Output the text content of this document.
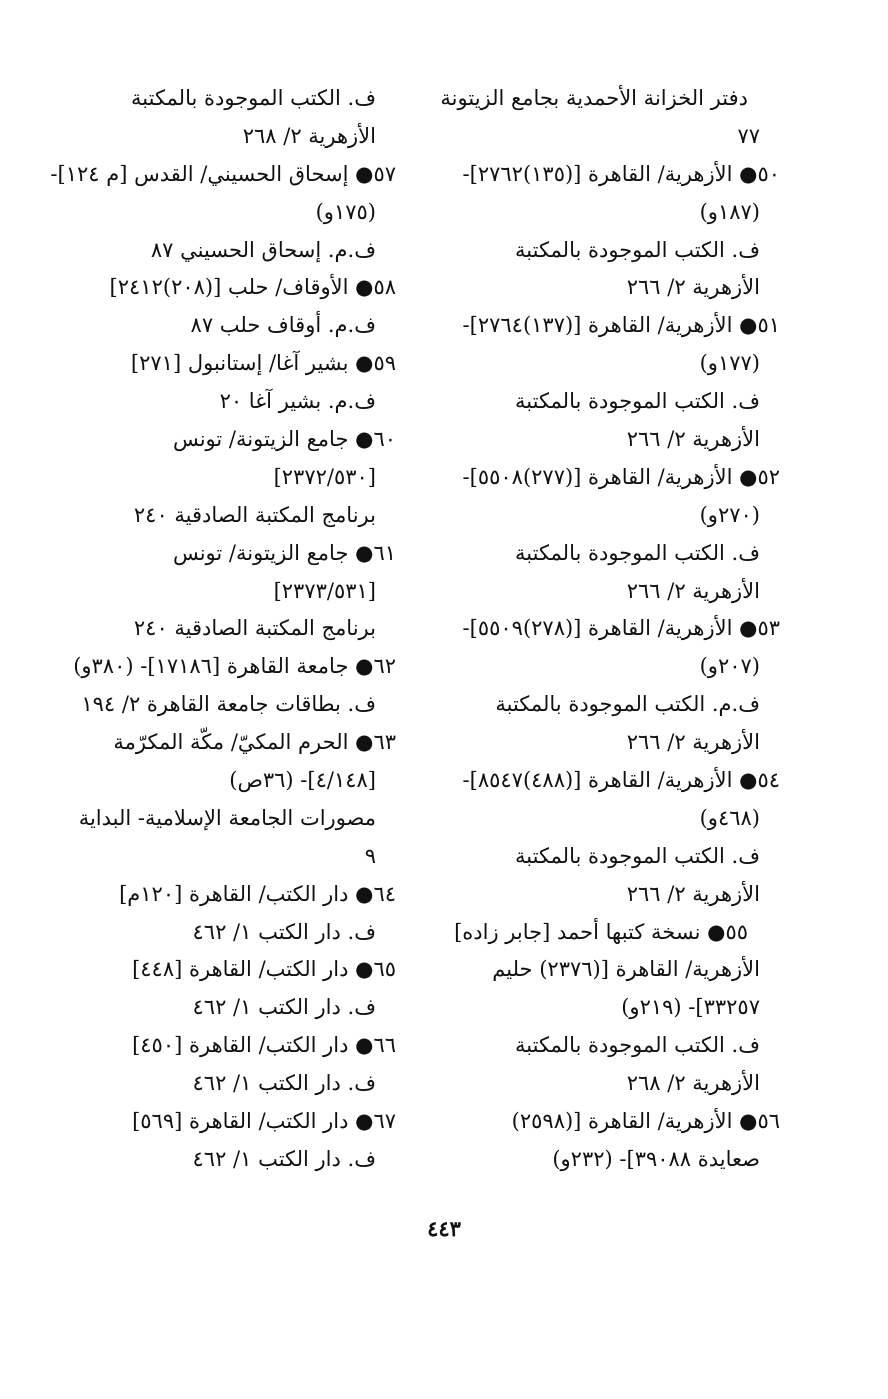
دفتر الخزانة الأحمدية بجامع الزيتونة
٧٧
٥٠● الأزهرية/ القاهرة [(١٣٥)٢٧٦٢]-
(١٨٧و)
ف. الكتب الموجودة بالمكتبة
الأزهرية ٢/ ٢٦٦
٥١● الأزهرية/ القاهرة [(١٣٧)٢٧٦٤]-
(١٧٧و)
ف. الكتب الموجودة بالمكتبة
الأزهرية ٢/ ٢٦٦
٥٢● الأزهرية/ القاهرة [(٢٧٧)٥٥٠٨]-
(٢٧٠و)
ف. الكتب الموجودة بالمكتبة
الأزهرية ٢/ ٢٦٦
٥٣● الأزهرية/ القاهرة [(٢٧٨)٥٥٠٩]-
(٢٠٧و)
ف.م. الكتب الموجودة بالمكتبة
الأزهرية ٢/ ٢٦٦
٥٤● الأزهرية/ القاهرة [(٤٨٨)٨٥٤٧]-
(٤٦٨و)
ف. الكتب الموجودة بالمكتبة
الأزهرية ٢/ ٢٦٦
٥٥● نسخة كتبها أحمد [جابر زاده]
الأزهرية/ القاهرة [(٢٣٧٦) حليم
٣٣٢٥٧]- (٢١٩و)
ف. الكتب الموجودة بالمكتبة
الأزهرية ٢/ ٢٦٨
٥٦● الأزهرية/ القاهرة [(٢٥٩٨)
صعايدة ٣٩٠٨٨]- (٢٣٢و)
ف. الكتب الموجودة بالمكتبة
الأزهرية ٢/ ٢٦٨
٥٧● إسحاق الحسيني/ القدس [م ١٢٤]-
(١٧٥و)
ف.م. إسحاق الحسيني ٨٧
٥٨● الأوقاف/ حلب [(٢٠٨)٢٤١٢]
ف.م. أوقاف حلب ٨٧
٥٩● بشير آغا/ إستانبول [٢٧١]
ف.م. بشير آغا ٢٠
٦٠● جامع الزيتونة/ تونس
[٢٣٧٢/٥٣٠]
برنامج المكتبة الصادقية ٢٤٠
٦١● جامع الزيتونة/ تونس
[٢٣٧٣/٥٣١]
برنامج المكتبة الصادقية ٢٤٠
٦٢● جامعة القاهرة [١٧١٨٦]- (٣٨٠و)
ف. بطاقات جامعة القاهرة ٢/ ١٩٤
٦٣● الحرم المكيّ/ مكّة المكرّمة
[٤/١٤٨]- (٣٦ص)
مصورات الجامعة الإسلامية- البداية
٩
٦٤● دار الكتب/ القاهرة [١٢٠م]
ف. دار الكتب ١/ ٤٦٢
٦٥● دار الكتب/ القاهرة [٤٤٨]
ف. دار الكتب ١/ ٤٦٢
٦٦● دار الكتب/ القاهرة [٤٥٠]
ف. دار الكتب ١/ ٤٦٢
٦٧● دار الكتب/ القاهرة [٥٦٩]
ف. دار الكتب ١/ ٤٦٢
٤٤٣
